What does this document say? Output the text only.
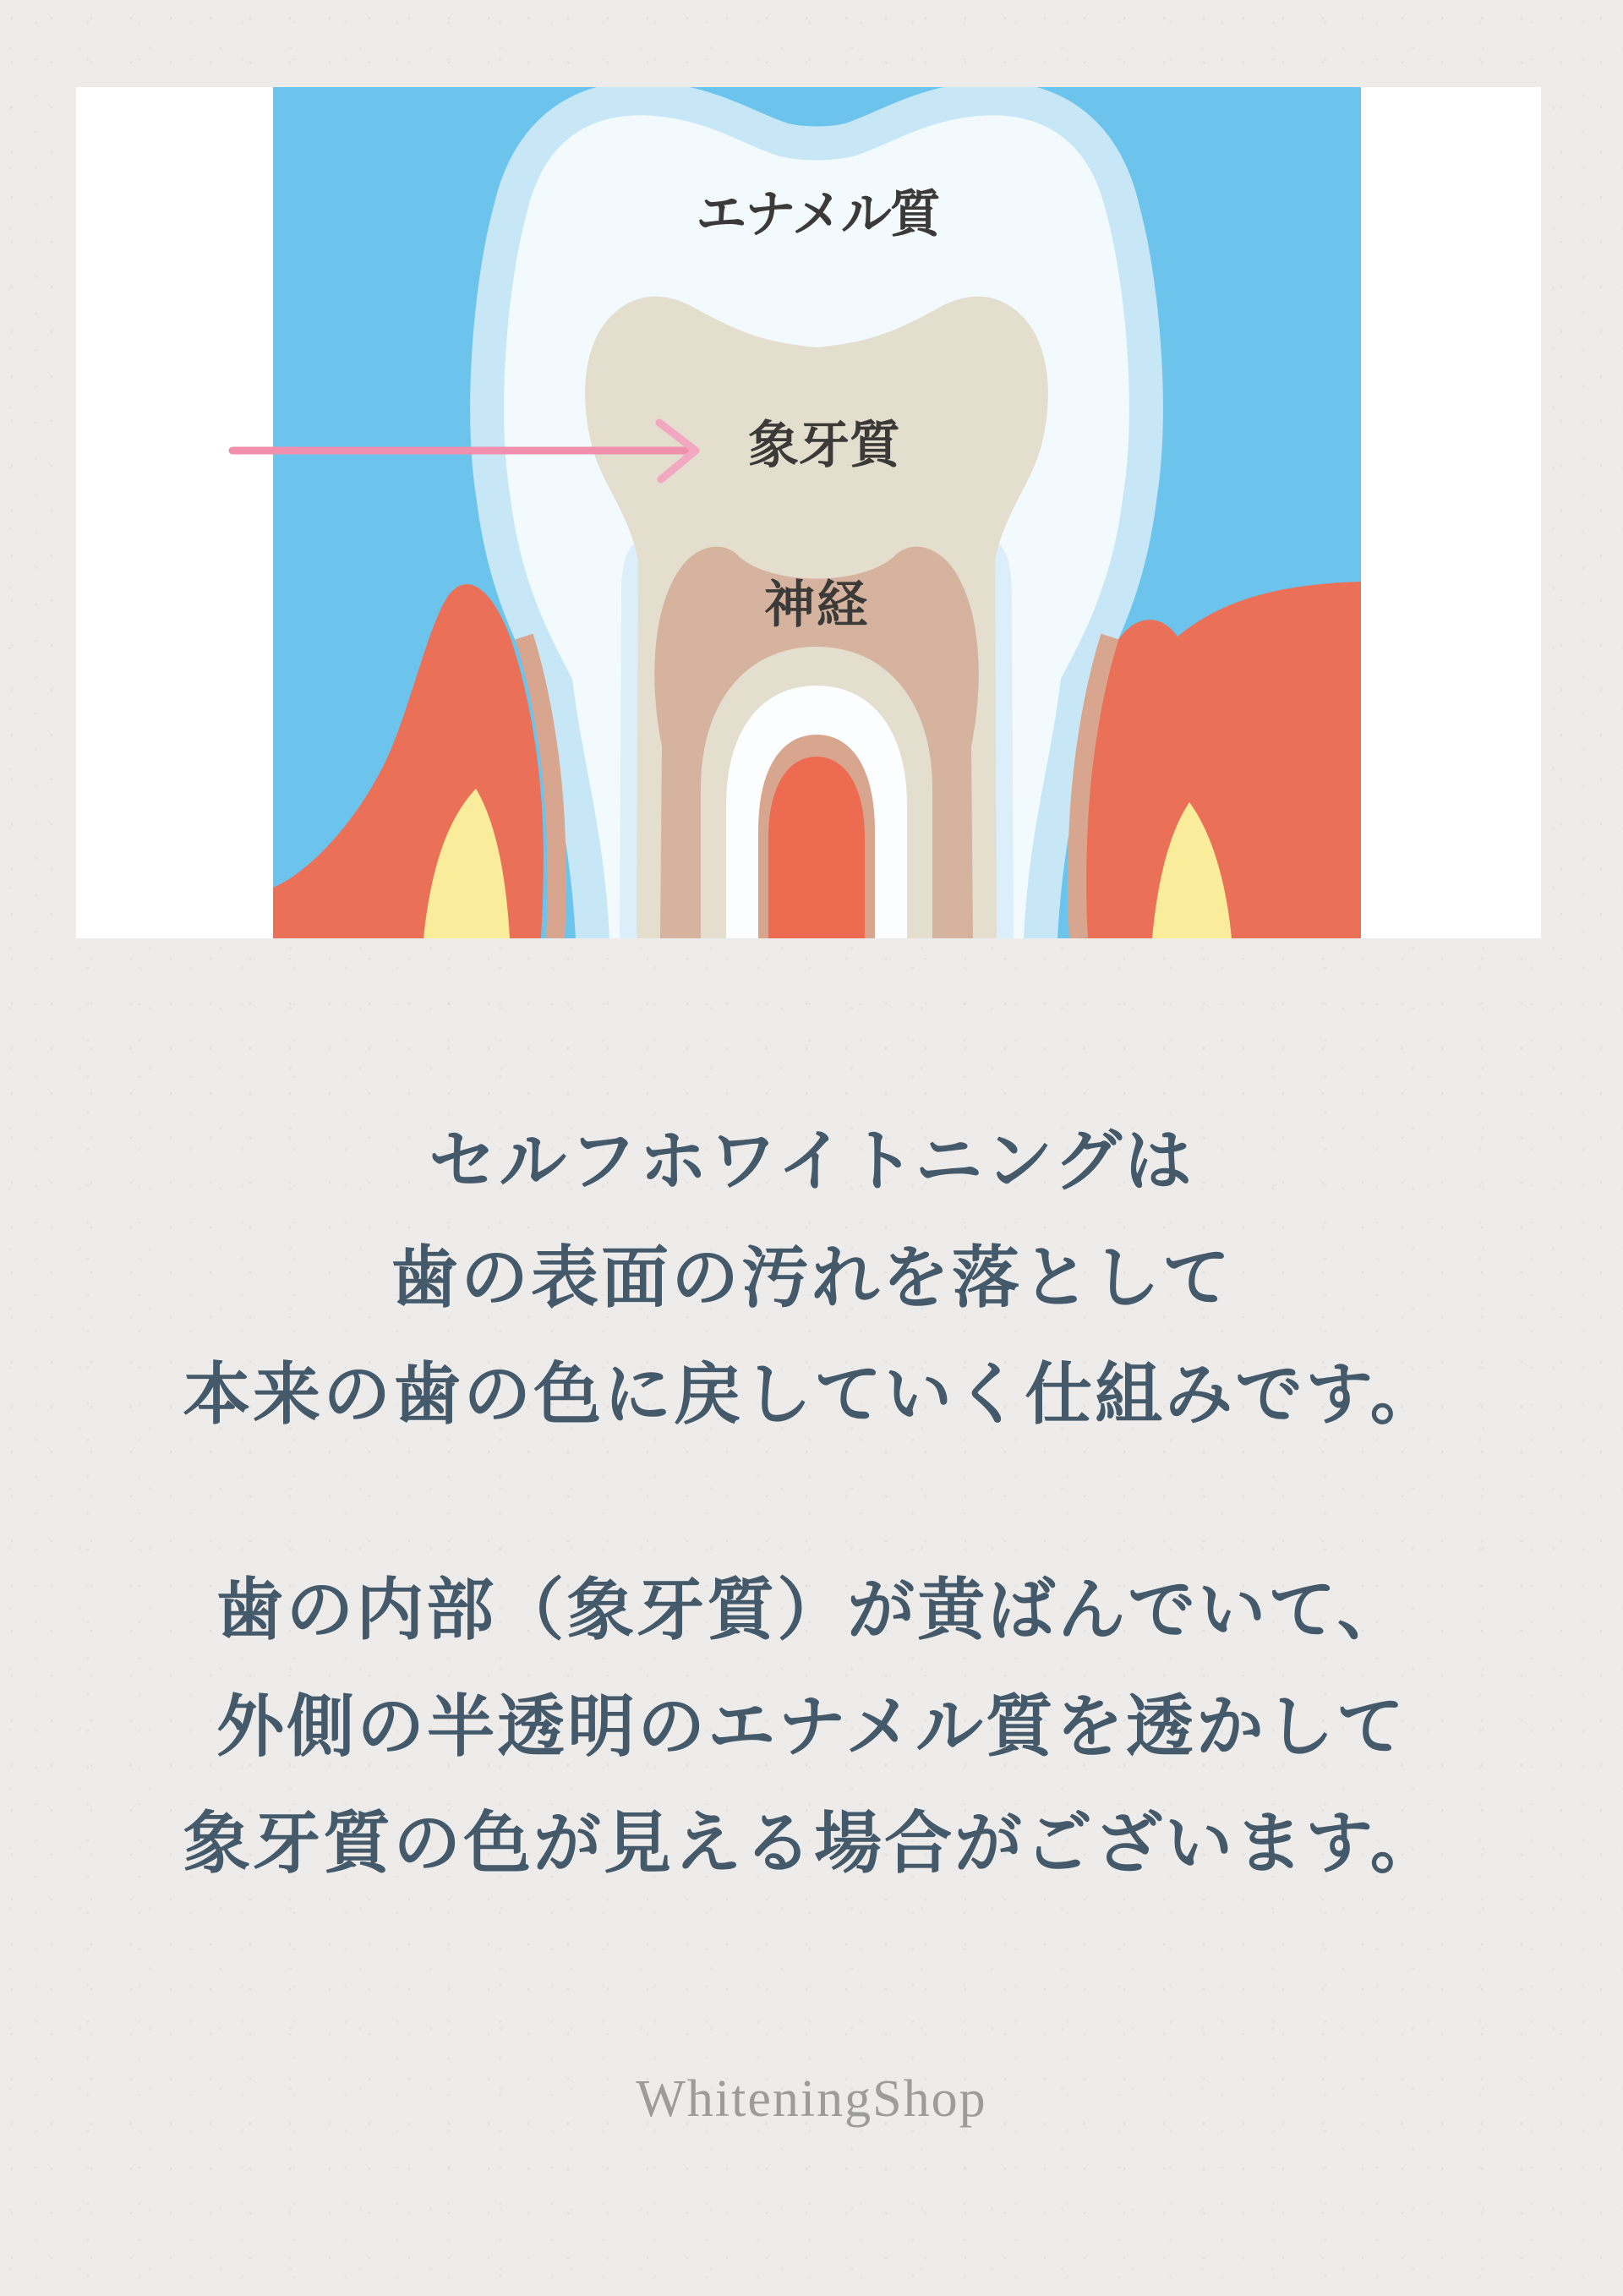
エナメル質
象牙質
神経
セルフホワイトニングは
歯の表面の汚れを落として
本来の歯の色に戻していく仕組みです。
歯の内部（象牙質）が黄ばんでいて、
外側の半透明のエナメル質を透かして
象牙質の色が見える場合がございます。
WhiteningShop
